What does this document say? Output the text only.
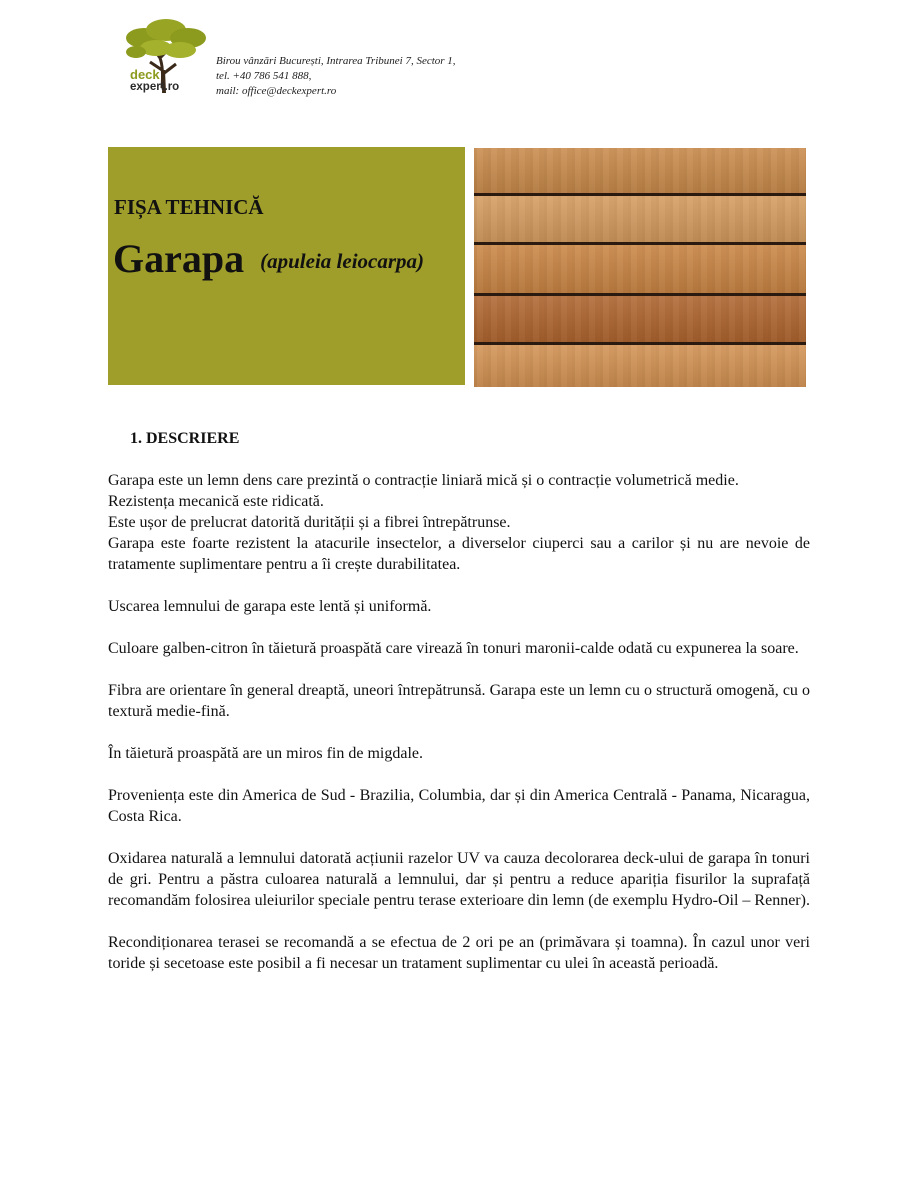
deck
expert.ro
Birou vânzări București, Intrarea Tribunei 7, Sector 1,
tel. +40 786 541 888,
mail: office@deckexpert.ro
FIȘA TEHNICĂ
Garapa (apuleia leiocarpa)
1. DESCRIERE

Garapa este un lemn dens care prezintă o contracție liniară mică și o contracție volumetrică medie.

Rezistența mecanică este ridicată.

Este ușor de prelucrat datorită durității și a fibrei întrepătrunse.

Garapa este foarte rezistent la atacurile insectelor, a diverselor ciuperci sau a carilor și nu are nevoie de tratamente suplimentare pentru a îi crește durabilitatea.

Uscarea lemnului de garapa este lentă și uniformă.

Culoare galben-citron în tăietură proaspătă care virează în tonuri maronii-calde odată cu expunerea la soare.

Fibra are orientare în general dreaptă, uneori întrepătrunsă. Garapa este un lemn cu o structură omogenă, cu o textură medie-fină.

În tăietură proaspătă are un miros fin de migdale.

Proveniența este din America de Sud - Brazilia, Columbia, dar și din America Centrală - Panama, Nicaragua, Costa Rica.

Oxidarea naturală a lemnului datorată acțiunii razelor UV va cauza decolorarea deck-ului de garapa în tonuri de gri. Pentru a păstra culoarea naturală a lemnului, dar și pentru a reduce apariția fisurilor la suprafață recomandăm folosirea uleiurilor speciale pentru terase exterioare din lemn (de exemplu Hydro-Oil – Renner).

Recondiționarea terasei se recomandă a se efectua de 2 ori pe an (primăvara și toamna). În cazul unor veri toride și secetoase este posibil a fi necesar un tratament suplimentar cu ulei în această perioadă.
